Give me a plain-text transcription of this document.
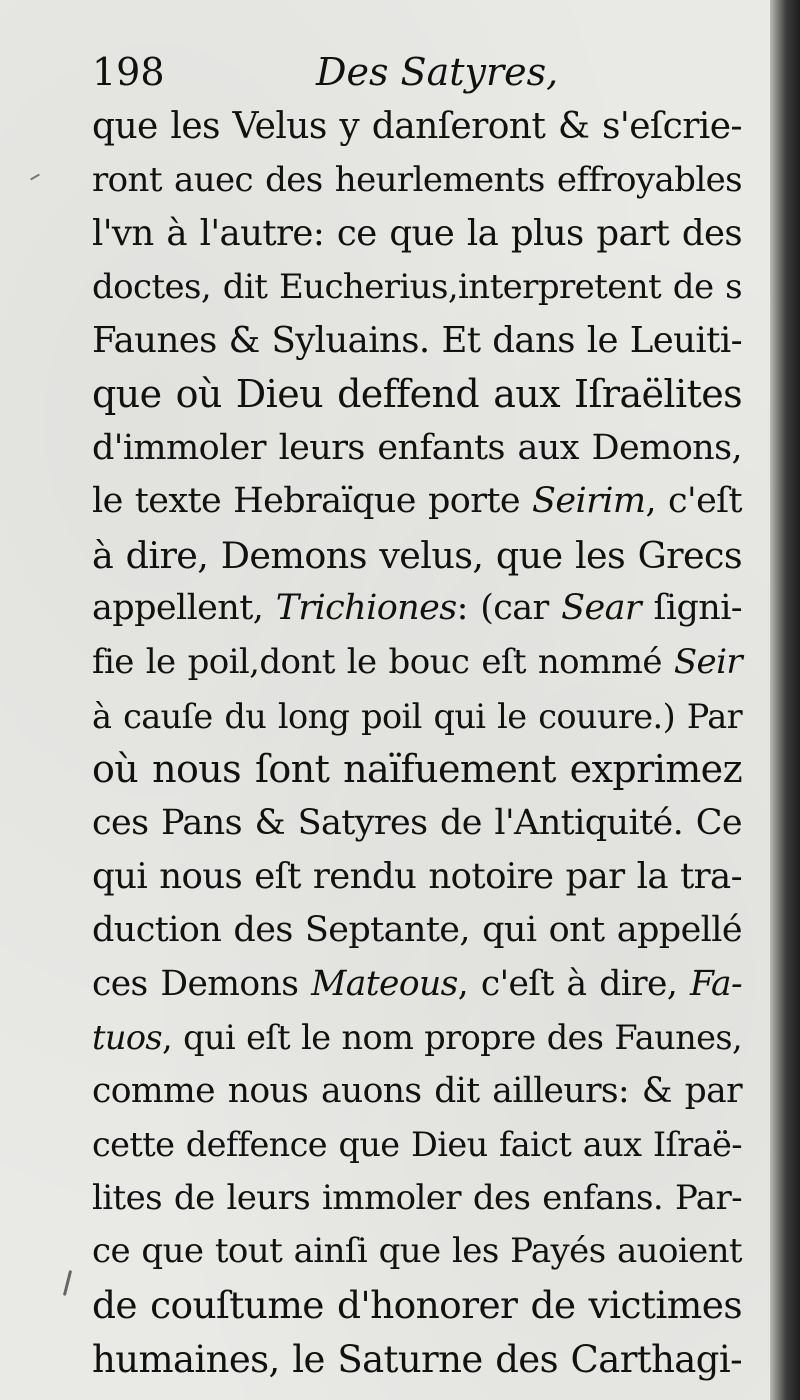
198	Des Satyres,
que les Velus y danſeront & s'eſcrie-
ront auec des heurlements effroyables
l'vn à l'autre: ce que la plus part des
doctes, dit Eucherius,interpretent de s
Faunes & Syluains. Et dans le Leuiti-
que où Dieu deffend aux Iſraëlites
d'immoler leurs enfants aux Demons,
le texte Hebraïque porte Seirim, c'eſt
à dire, Demons velus, que les Grecs
appellent, Trichiones: (car Sear ſigni-
fie le poil,dont le bouc eſt nommé Seir
à cauſe du long poil qui le couure.) Par
où nous ſont naïfuement exprimez
ces Pans & Satyres de l'Antiquité. Ce
qui nous eſt rendu notoire par la tra-
duction des Septante, qui ont appellé
ces Demons Mateous, c'eſt à dire, Fa-
tuos, qui eſt le nom propre des Faunes,
comme nous auons dit ailleurs: & par
cette deffence que Dieu faict aux Iſraë-
lites de leurs immoler des enfans. Par-
ce que tout ainſi que les Payés auoient
de couſtume d'honorer de victimes
humaines, le Saturne des Carthagi-
